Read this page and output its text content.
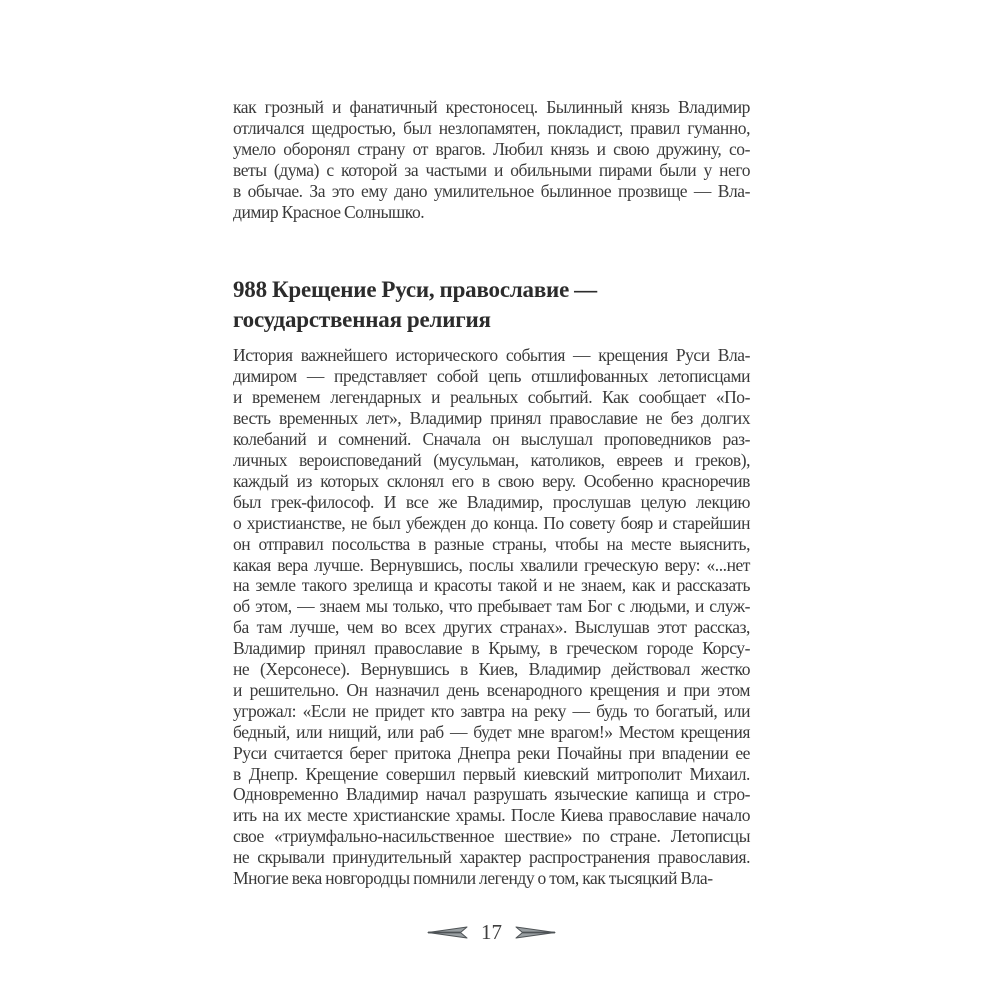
как грозный и фанатичный крестоносец. Былинный князь Владимир
отличался щедростью, был незлопамятен, покладист, правил гуманно,
умело оборонял страну от врагов. Любил князь и свою дружину, со-
веты (дума) с которой за частыми и обильными пирами были у него
в обычае. За это ему дано умилительное былинное прозвище — Вла-
димир Красное Солнышко.
988 Крещение Руси, православие —
государственная религия
История важнейшего исторического события — крещения Руси Вла-
димиром — представляет собой цепь отшлифованных летописцами
и временем легендарных и реальных событий. Как сообщает «По-
весть временных лет», Владимир принял православие не без долгих
колебаний и сомнений. Сначала он выслушал проповедников раз-
личных вероисповеданий (мусульман, католиков, евреев и греков),
каждый из которых склонял его в свою веру. Особенно красноречив
был грек-философ. И все же Владимир, прослушав целую лекцию
о христианстве, не был убежден до конца. По совету бояр и старейшин
он отправил посольства в разные страны, чтобы на месте выяснить,
какая вера лучше. Вернувшись, послы хвалили греческую веру: «...нет
на земле такого зрелища и красоты такой и не знаем, как и рассказать
об этом, — знаем мы только, что пребывает там Бог с людьми, и служ-
ба там лучше, чем во всех других странах». Выслушав этот рассказ,
Владимир принял православие в Крыму, в греческом городе Корсу-
не (Херсонесе). Вернувшись в Киев, Владимир действовал жестко
и решительно. Он назначил день всенародного крещения и при этом
угрожал: «Если не придет кто завтра на реку — будь то богатый, или
бедный, или нищий, или раб — будет мне врагом!» Местом крещения
Руси считается берег притока Днепра реки Почайны при впадении ее
в Днепр. Крещение совершил первый киевский митрополит Михаил.
Одновременно Владимир начал разрушать языческие капища и стро-
ить на их месте христианские храмы. После Киева православие начало
свое «триумфально-насильственное шествие» по стране. Летописцы
не скрывали принудительный характер распространения православия.
Многие века новгородцы помнили легенду о том, как тысяцкий Вла-
17
